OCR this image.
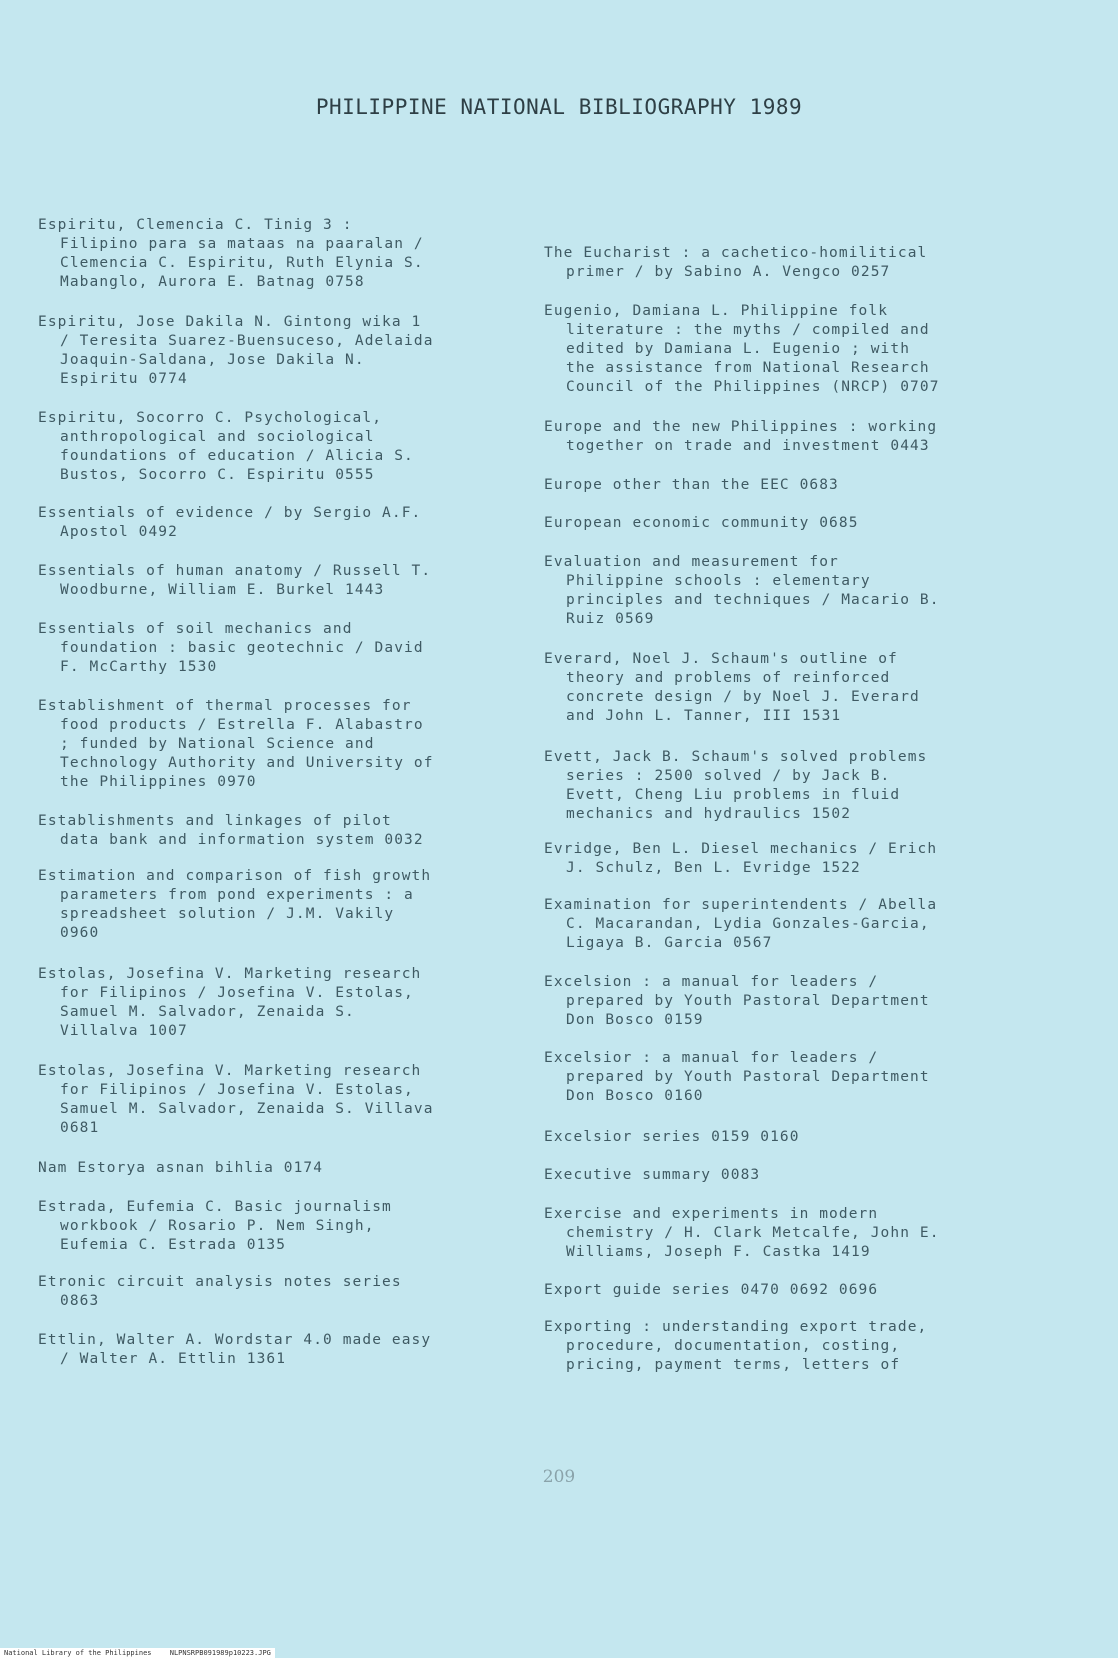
PHILIPPINE NATIONAL BIBLIOGRAPHY 1989
Espiritu, Clemencia C. Tinig 3 :
Filipino para sa mataas na paaralan /
Clemencia C. Espiritu, Ruth Elynia S.
Mabanglo, Aurora E. Batnag 0758
Espiritu, Jose Dakila N. Gintong wika 1
/ Teresita Suarez-Buensuceso, Adelaida
Joaquin-Saldana, Jose Dakila N.
Espiritu 0774
Espiritu, Socorro C. Psychological,
anthropological and sociological
foundations of education / Alicia S.
Bustos, Socorro C. Espiritu 0555
Essentials of evidence / by Sergio A.F.
Apostol 0492
Essentials of human anatomy / Russell T.
Woodburne, William E. Burkel 1443
Essentials of soil mechanics and
foundation : basic geotechnic / David
F. McCarthy 1530
Establishment of thermal processes for
food products / Estrella F. Alabastro
; funded by National Science and
Technology Authority and University of
the Philippines 0970
Establishments and linkages of pilot
data bank and information system 0032
Estimation and comparison of fish growth
parameters from pond experiments : a
spreadsheet solution / J.M. Vakily
0960
Estolas, Josefina V. Marketing research
for Filipinos / Josefina V. Estolas,
Samuel M. Salvador, Zenaida S.
Villalva 1007
Estolas, Josefina V. Marketing research
for Filipinos / Josefina V. Estolas,
Samuel M. Salvador, Zenaida S. Villava
0681
Nam Estorya asnan bihlia 0174
Estrada, Eufemia C. Basic journalism
workbook / Rosario P. Nem Singh,
Eufemia C. Estrada 0135
Etronic circuit analysis notes series
0863
Ettlin, Walter A. Wordstar 4.0 made easy
/ Walter A. Ettlin 1361
The Eucharist : a cachetico-homilitical
primer / by Sabino A. Vengco 0257
Eugenio, Damiana L. Philippine folk
literature : the myths / compiled and
edited by Damiana L. Eugenio ; with
the assistance from National Research
Council of the Philippines (NRCP) 0707
Europe and the new Philippines : working
together on trade and investment 0443
Europe other than the EEC 0683
European economic community 0685
Evaluation and measurement for
Philippine schools : elementary
principles and techniques / Macario B.
Ruiz 0569
Everard, Noel J. Schaum's outline of
theory and problems of reinforced
concrete design / by Noel J. Everard
and John L. Tanner, III 1531
Evett, Jack B. Schaum's solved problems
series : 2500 solved / by Jack B.
Evett, Cheng Liu problems in fluid
mechanics and hydraulics 1502
Evridge, Ben L. Diesel mechanics / Erich
J. Schulz, Ben L. Evridge 1522
Examination for superintendents / Abella
C. Macarandan, Lydia Gonzales-Garcia,
Ligaya B. Garcia 0567
Excelsion : a manual for leaders /
prepared by Youth Pastoral Department
Don Bosco 0159
Excelsior : a manual for leaders /
prepared by Youth Pastoral Department
Don Bosco 0160
Excelsior series 0159 0160
Executive summary 0083
Exercise and experiments in modern
chemistry / H. Clark Metcalfe, John E.
Williams, Joseph F. Castka 1419
Export guide series 0470 0692 0696
Exporting : understanding export trade,
procedure, documentation, costing,
pricing, payment terms, letters of
209
National Library of the Philippines	NLPNSRPB091989p10223.JPG
